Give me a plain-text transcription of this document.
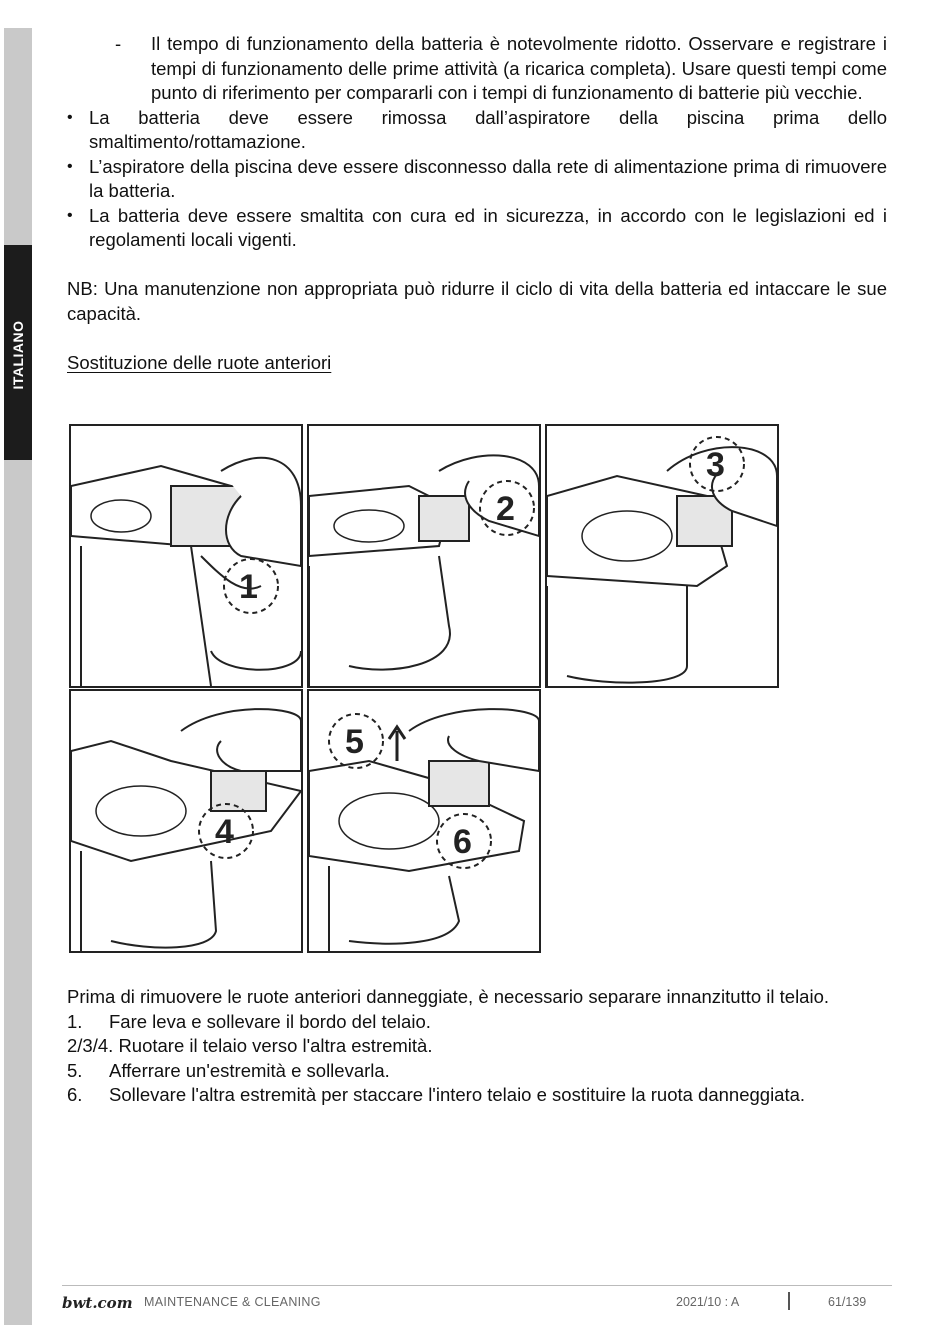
ITALIANO
- Il tempo di funzionamento della batteria è notevolmente ridotto. Osservare e registrare i tempi di funzionamento delle prime attività (a ricarica completa). Usare questi tempi come punto di riferimento per compararli con i tempi di funzionamento di batterie più vecchie.

• La batteria deve essere rimossa dall’aspiratore della piscina prima dello smaltimento/rottamazione.

• L’aspiratore della piscina deve essere disconnesso dalla rete di alimentazione prima di rimuovere la batteria.

• La batteria deve essere smaltita con cura ed in sicurezza, in accordo con le legislazioni ed i regolamenti locali vigenti.

NB: Una manutenzione non appropriata può ridurre il ciclo di vita della batteria ed intaccare le sue capacità.

Sostituzione delle ruote anteriori

1
2
3
4
5
6

Prima di rimuovere le ruote anteriori danneggiate, è necessario separare innanzitutto il telaio.

1. Fare leva e sollevare il bordo del telaio.

2/3/4. Ruotare il telaio verso l'altra estremità.
5. Afferrare un'estremità e sollevarla.

6. Sollevare l'altra estremità per staccare l'intero telaio e sostituire la ruota danneggiata.

bwt.com MAINTENANCE & CLEANING	2021/10 : A	61/139
